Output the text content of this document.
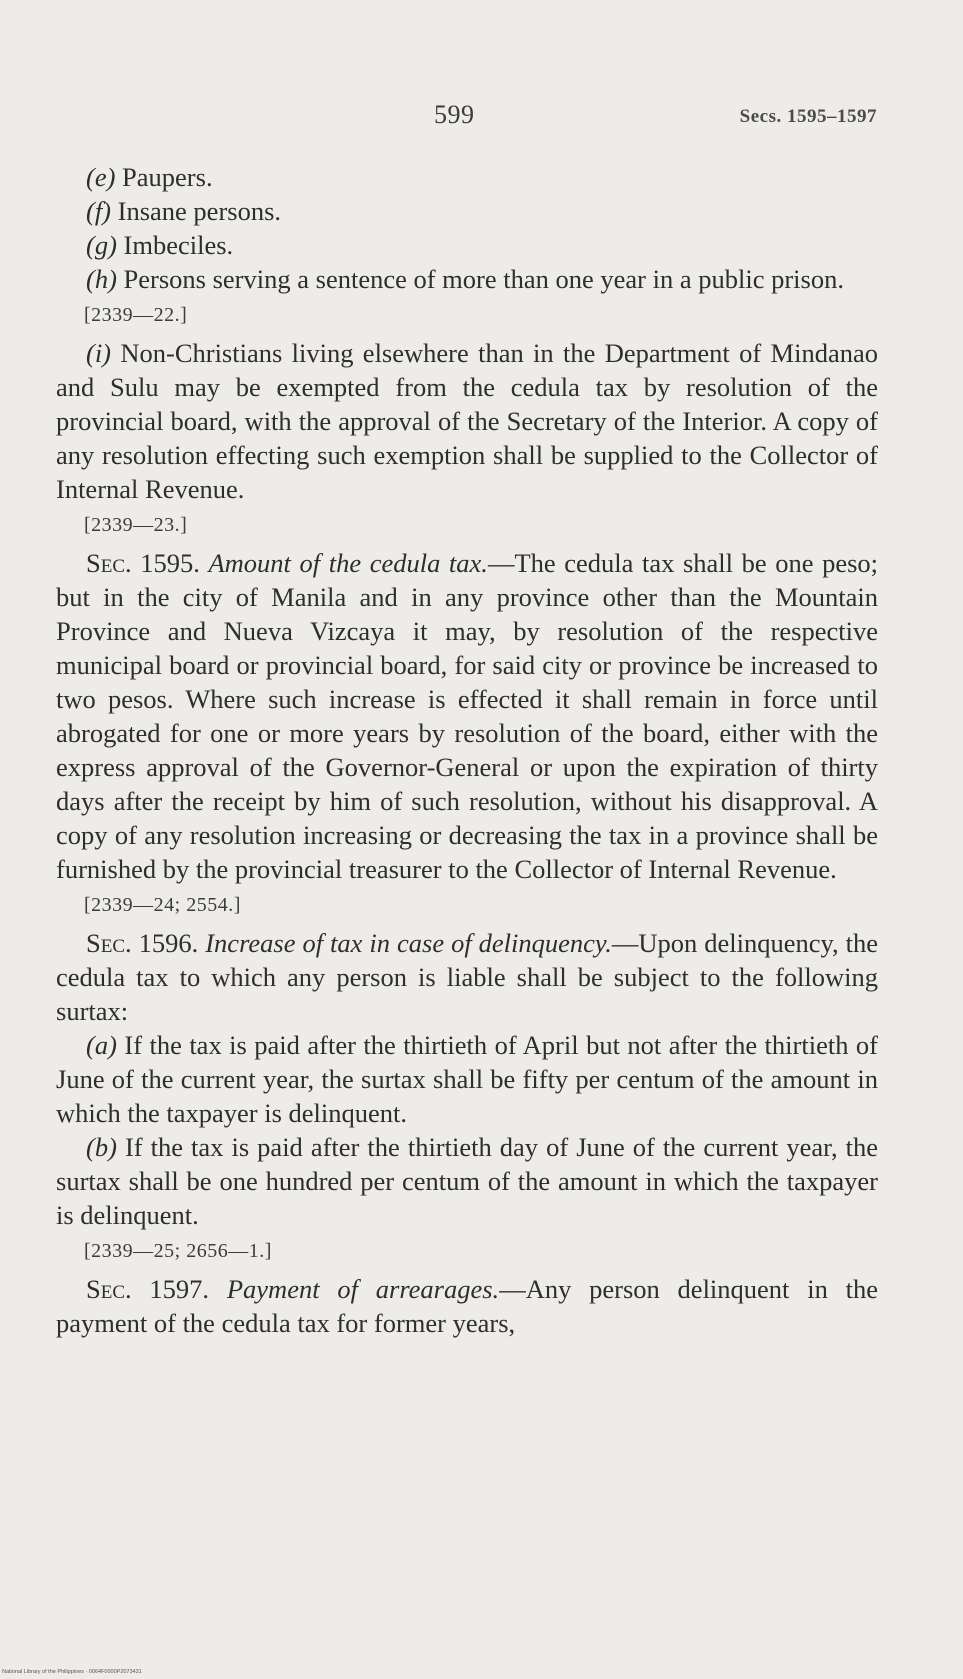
599	Secs. 1595–1597

(e) Paupers.

(f) Insane persons.

(g) Imbeciles.

(h) Persons serving a sentence of more than one year in a public prison.

[2339—22.]

(i) Non-Christians living elsewhere than in the Department of Mindanao and Sulu may be exempted from the cedula tax by resolution of the provincial board, with the approval of the Secretary of the Interior. A copy of any resolution effecting such exemption shall be supplied to the Collector of Internal Revenue.

[2339—23.]

Sec. 1595. Amount of the cedula tax.—The cedula tax shall be one peso; but in the city of Manila and in any province other than the Mountain Province and Nueva Vizcaya it may, by resolution of the respective municipal board or provincial board, for said city or province be increased to two pesos. Where such increase is effected it shall remain in force until abrogated for one or more years by resolution of the board, either with the express approval of the Governor-General or upon the expiration of thirty days after the receipt by him of such resolution, without his disapproval. A copy of any resolution increasing or decreasing the tax in a province shall be furnished by the provincial treasurer to the Collector of Internal Revenue.

[2339—24; 2554.]

Sec. 1596. Increase of tax in case of delinquency.—Upon delinquency, the cedula tax to which any person is liable shall be subject to the following surtax:

(a) If the tax is paid after the thirtieth of April but not after the thirtieth of June of the current year, the surtax shall be fifty per centum of the amount in which the taxpayer is delinquent.

(b) If the tax is paid after the thirtieth day of June of the current year, the surtax shall be one hundred per centum of the amount in which the taxpayer is delinquent.

[2339—25; 2656—1.]

Sec. 1597. Payment of arrearages.—Any person delinquent in the payment of the cedula tax for former years,

National Library of the Philippines · 0064F0000P2073431
